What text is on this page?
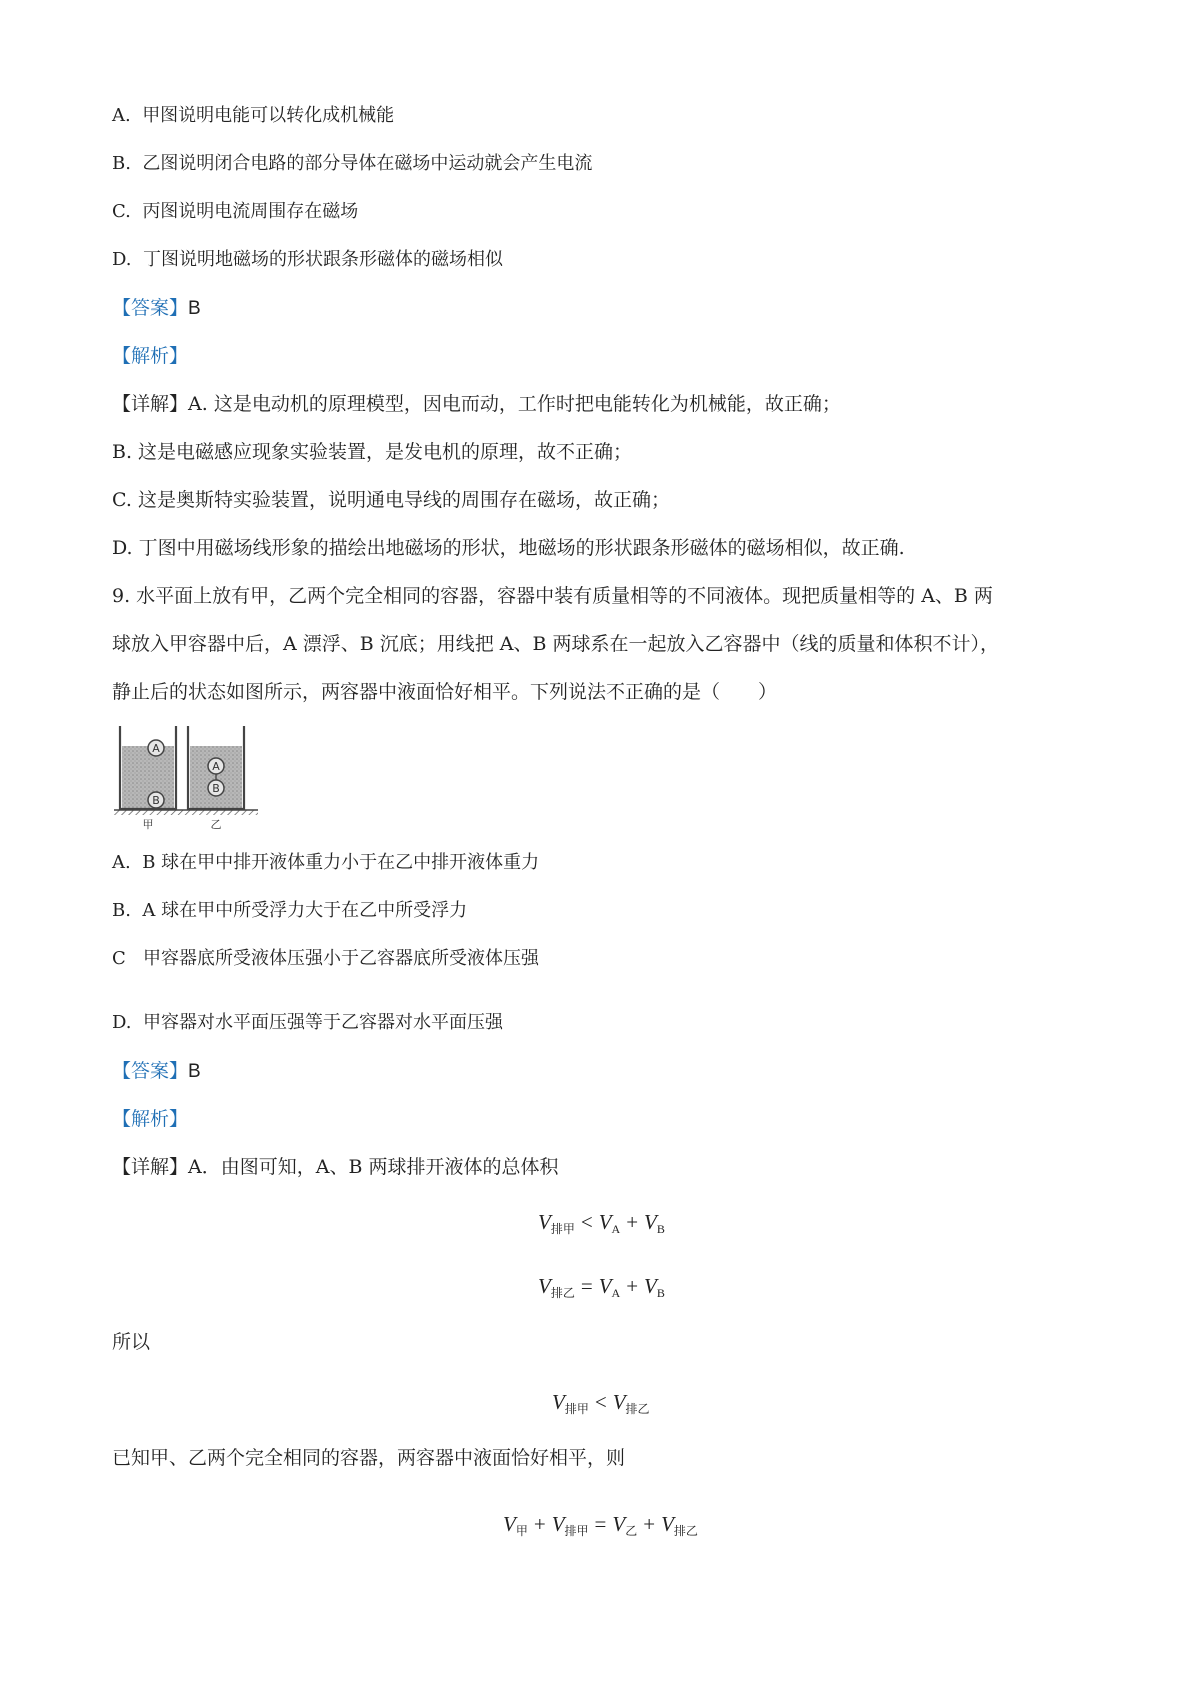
A. 甲图说明电能可以转化成机械能
B. 乙图说明闭合电路的部分导体在磁场中运动就会产生电流
C. 丙图说明电流周围存在磁场
D. 丁图说明地磁场的形状跟条形磁体的磁场相似
【答案】B
【解析】
【详解】A. 这是电动机的原理模型，因电而动，工作时把电能转化为机械能，故正确；
B. 这是电磁感应现象实验装置，是发电机的原理，故不正确；
C. 这是奥斯特实验装置，说明通电导线的周围存在磁场，故正确；
D. 丁图中用磁场线形象的描绘出地磁场的形状，地磁场的形状跟条形磁体的磁场相似，故正确.
9. 水平面上放有甲，乙两个完全相同的容器，容器中装有质量相等的不同液体。现把质量相等的 A、B 两
球放入甲容器中后，A 漂浮、B 沉底；用线把 A、B 两球系在一起放入乙容器中（线的质量和体积不计），
静止后的状态如图所示，两容器中液面恰好相平。下列说法不正确的是（　　）
A
B
A
B
甲	乙
A. B 球在甲中排开液体重力小于在乙中排开液体重力
B. A 球在甲中所受浮力大于在乙中所受浮力
C 甲容器底所受液体压强小于乙容器底所受液体压强
D. 甲容器对水平面压强等于乙容器对水平面压强
【答案】B
【解析】
【详解】A．由图可知，A、B 两球排开液体的总体积
$V_{排甲} < V_A + V_B$
$V_{排乙} = V_A + V_B$
所以
$V_{排甲} < V_{排乙}$
已知甲、乙两个完全相同的容器，两容器中液面恰好相平，则
$V_甲 + V_{排甲} = V_乙 + V_{排乙}$
